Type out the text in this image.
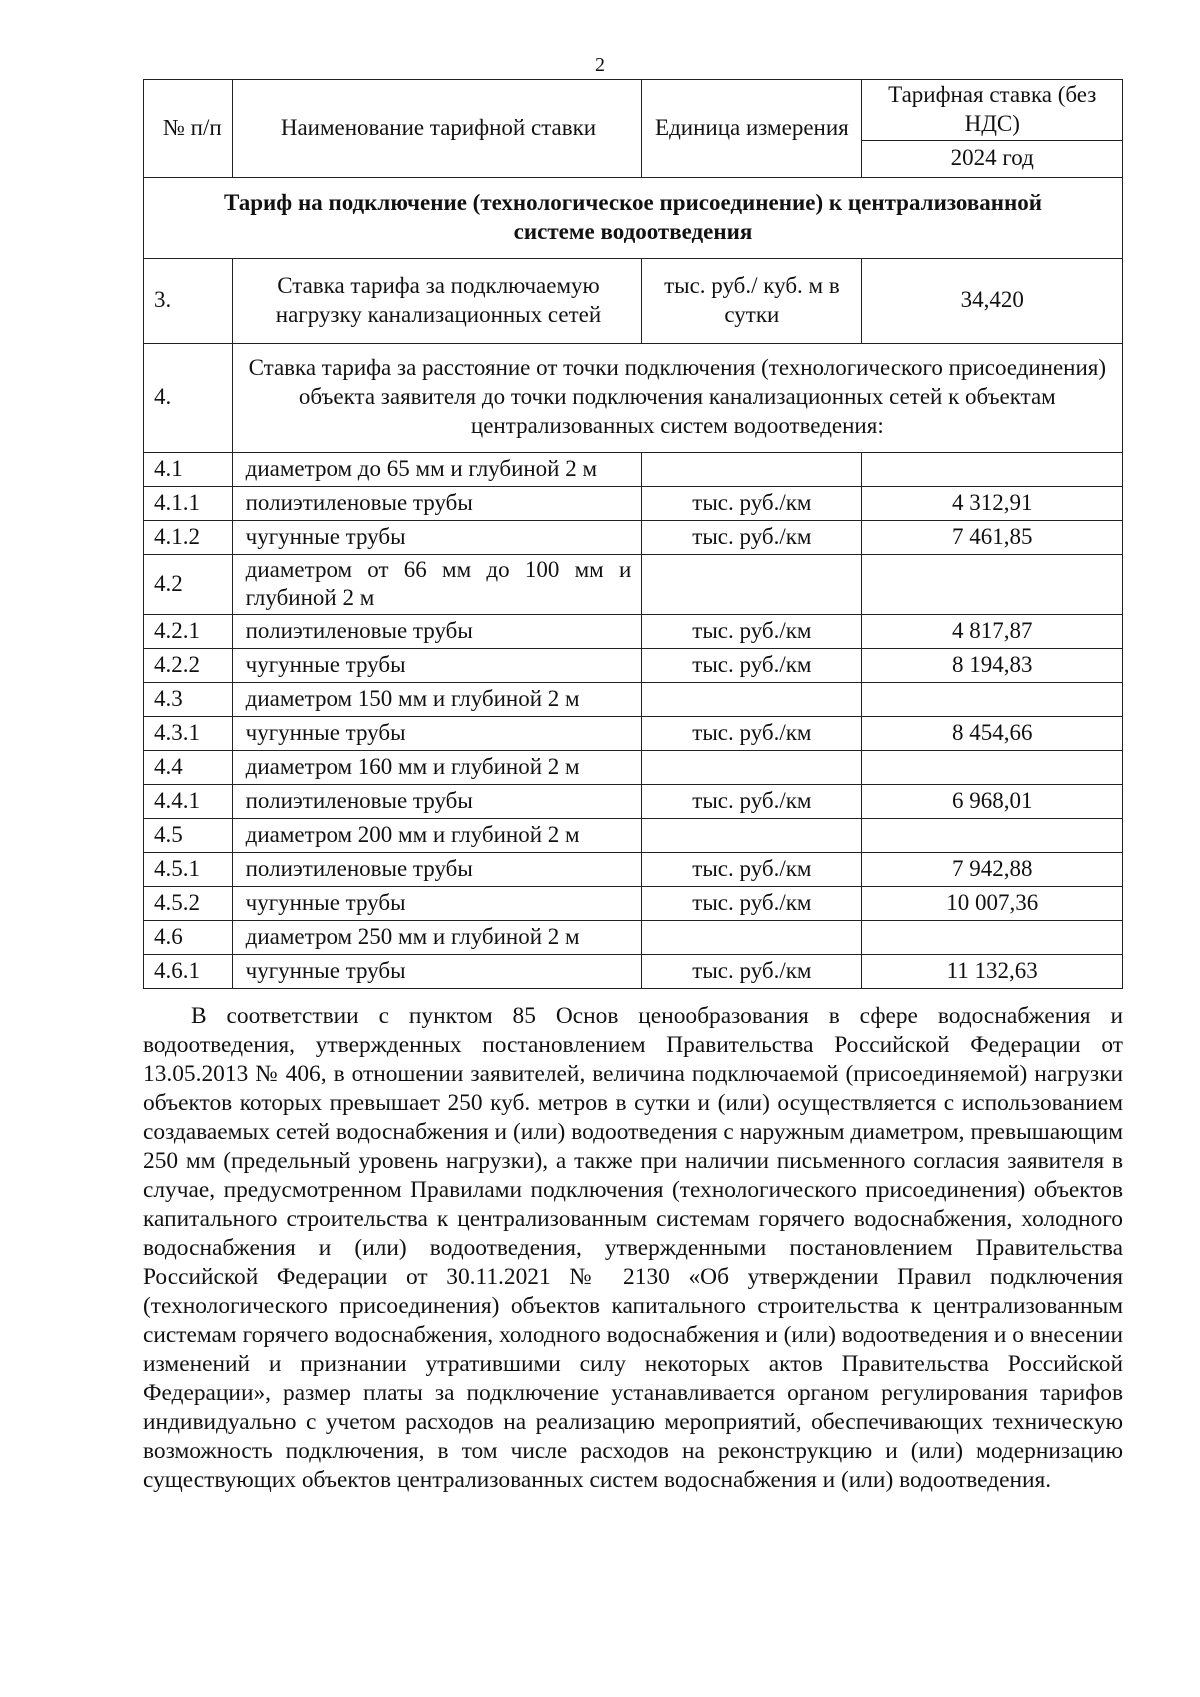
2
№ п/п	Наименование тарифной ставки	Единица измерения	Тарифная ставка (без НДС)
			2024 год
Тариф на подключение (технологическое присоединение) к централизованной системе водоотведения			
3.	Ставка тарифа за подключаемую нагрузку канализационных сетей	тыс. руб./ куб. м в сутки	34,420
4.	Ставка тарифа за расстояние от точки подключения (технологического присоединения) объекта заявителя до точки подключения канализационных сетей к объектам централизованных систем водоотведения:		
4.1	диаметром до 65 мм и глубиной 2 м		
4.1.1	полиэтиленовые трубы	тыс. руб./км	4 312,91
4.1.2	чугунные трубы	тыс. руб./км	7 461,85
4.2	диаметром от 66 мм до 100 мм и глубиной 2 м		
4.2.1	полиэтиленовые трубы	тыс. руб./км	4 817,87
4.2.2	чугунные трубы	тыс. руб./км	8 194,83
4.3	диаметром 150 мм и глубиной 2 м		
4.3.1	чугунные трубы	тыс. руб./км	8 454,66
4.4	диаметром 160 мм и глубиной 2 м		
4.4.1	полиэтиленовые трубы	тыс. руб./км	6 968,01
4.5	диаметром 200 мм и глубиной 2 м		
4.5.1	полиэтиленовые трубы	тыс. руб./км	7 942,88
4.5.2	чугунные трубы	тыс. руб./км	10 007,36
4.6	диаметром 250 мм и глубиной 2 м		
4.6.1	чугунные трубы	тыс. руб./км	11 132,63

В соответствии с пунктом 85 Основ ценообразования в сфере водоснабжения и водоотведения, утвержденных постановлением Правительства Российской Федерации от 13.05.2013 № 406, в отношении заявителей, величина подключаемой (присоединяемой) нагрузки объектов которых превышает 250 куб. метров в сутки и (или) осуществляется с использованием создаваемых сетей водоснабжения и (или) водоотведения с наружным диаметром, превышающим 250 мм (предельный уровень нагрузки), а также при наличии письменного согласия заявителя в случае, предусмотренном Правилами подключения (технологического присоединения) объектов капитального строительства к централизованным системам горячего водоснабжения, холодного водоснабжения и (или) водоотведения, утвержденными постановлением Правительства Российской Федерации от 30.11.2021 № 2130 «Об утверждении Правил подключения (технологического присоединения) объектов капитального строительства к централизованным системам горячего водоснабжения, холодного водоснабжения и (или) водоотведения и о внесении изменений и признании утратившими силу некоторых актов Правительства Российской Федерации», размер платы за подключение устанавливается органом регулирования тарифов индивидуально с учетом расходов на реализацию мероприятий, обеспечивающих техническую возможность подключения, в том числе расходов на реконструкцию и (или) модернизацию существующих объектов централизованных систем водоснабжения и (или) водоотведения.
